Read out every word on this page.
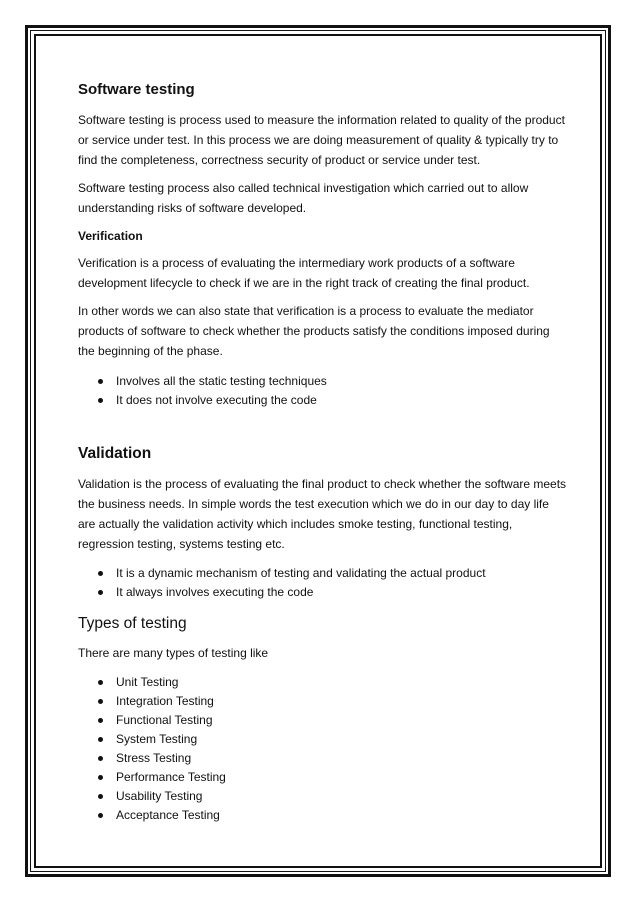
Software testing

Software testing is process used to measure the information related to quality of the product or service under test. In this process we are doing measurement of quality & typically try to find the completeness, correctness security of product or service under test.

Software testing process also called technical investigation which carried out to allow understanding risks of software developed.

Verification

Verification is a process of evaluating the intermediary work products of a software development lifecycle to check if we are in the right track of creating the final product.

In other words we can also state that verification is a process to evaluate the mediator products of software to check whether the products satisfy the conditions imposed during the beginning of the phase.

Involves all the static testing techniques
It does not involve executing the code
Validation

Validation is the process of evaluating the final product to check whether the software meets the business needs. In simple words the test execution which we do in our day to day life are actually the validation activity which includes smoke testing, functional testing, regression testing, systems testing etc.

It is a dynamic mechanism of testing and validating the actual product
It always involves executing the code
Types of testing

There are many types of testing like

Unit Testing
Integration Testing
Functional Testing
System Testing
Stress Testing
Performance Testing
Usability Testing
Acceptance Testing
